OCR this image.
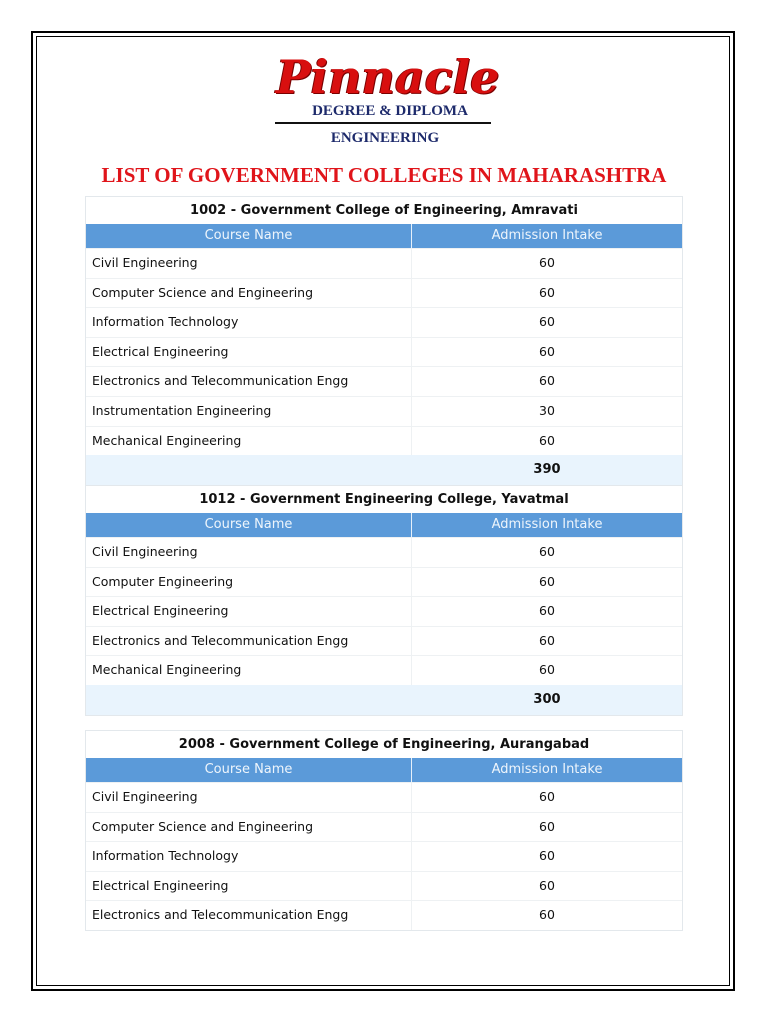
Pinnacle
DEGREE & DIPLOMA
ENGINEERING
LIST OF GOVERNMENT COLLEGES IN MAHARASHTRA
1002 - Government College of Engineering, Amravati
Course Name	Admission Intake
Civil Engineering	60
Computer Science and Engineering	60
Information Technology	60
Electrical Engineering	60
Electronics and Telecommunication Engg	60
Instrumentation Engineering	30
Mechanical Engineering	60
390
1012 - Government Engineering College, Yavatmal
Course Name	Admission Intake
Civil Engineering	60
Computer Engineering	60
Electrical Engineering	60
Electronics and Telecommunication Engg	60
Mechanical Engineering	60
300
2008 - Government College of Engineering, Aurangabad
Course Name	Admission Intake
Civil Engineering	60
Computer Science and Engineering	60
Information Technology	60
Electrical Engineering	60
Electronics and Telecommunication Engg	60
